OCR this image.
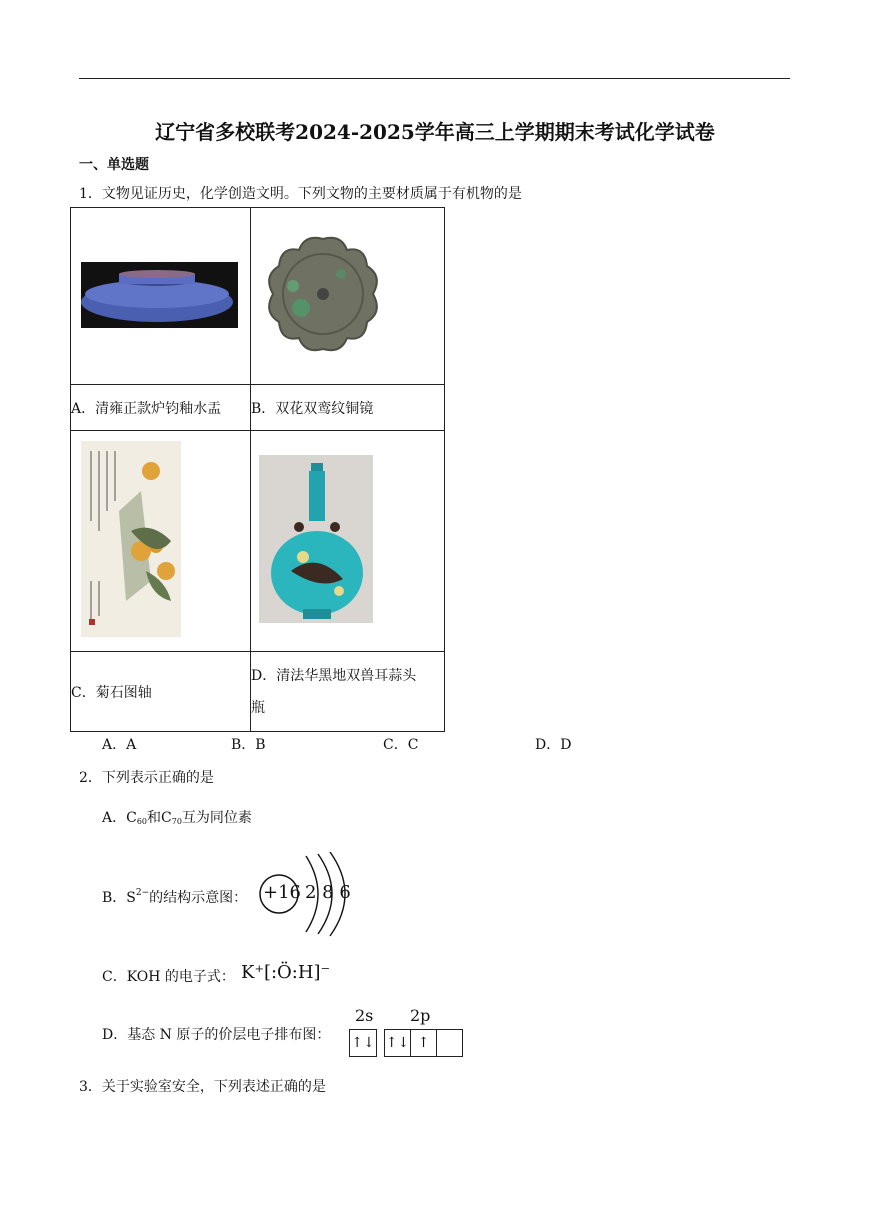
辽宁省多校联考2024-2025学年高三上学期期末考试化学试卷
一、单选题
1．文物见证历史，化学创造文明。下列文物的主要材质属于有机物的是

A．清雍正款炉钧釉水盂	B．双花双鸾纹铜镜

C．菊石图轴	D．清法华黑地双兽耳蒜头
瓶
A．A	B．B	C．C	D．D
2．下列表示正确的是
A．$C_{60}$和$C_{70}$互为同位素
B．$S^{2-}$的结构示意图： +16 2 8 6
C．KOH 的电子式： K⁺[:Ö:H]⁻
D．基态 N 原子的价层电子排布图：
2s 2p
↑↓ ↑↓ ↑
3．关于实验室安全，下列表述正确的是
